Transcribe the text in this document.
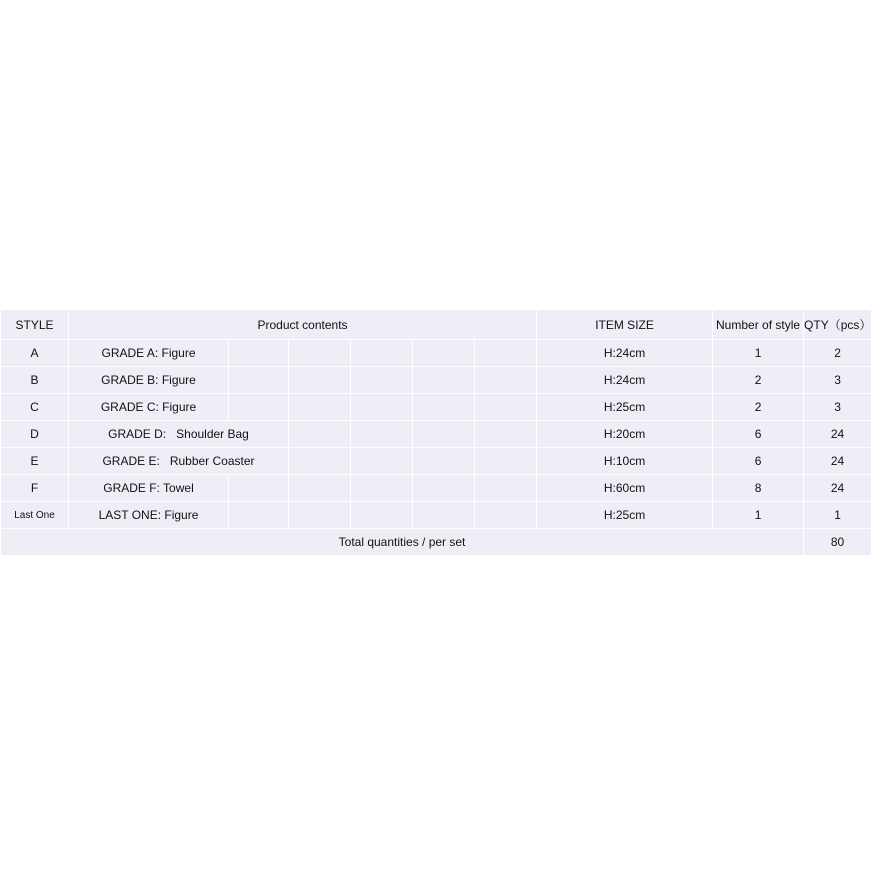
STYLE	Product contents						ITEM SIZE	Number of style	QTY（pcs）
A	GRADE A: Figure						H:24cm	1	2
B	GRADE B: Figure						H:24cm	2	3
C	GRADE C: Figure						H:25cm	2	3
D	GRADE D:   Shoulder Bag						H:20cm	6	24
E	GRADE E:   Rubber Coaster						H:10cm	6	24
F	GRADE F: Towel						H:60cm	8	24
Last One	LAST ONE: Figure						H:25cm	1	1
Total quantities / per set									80
